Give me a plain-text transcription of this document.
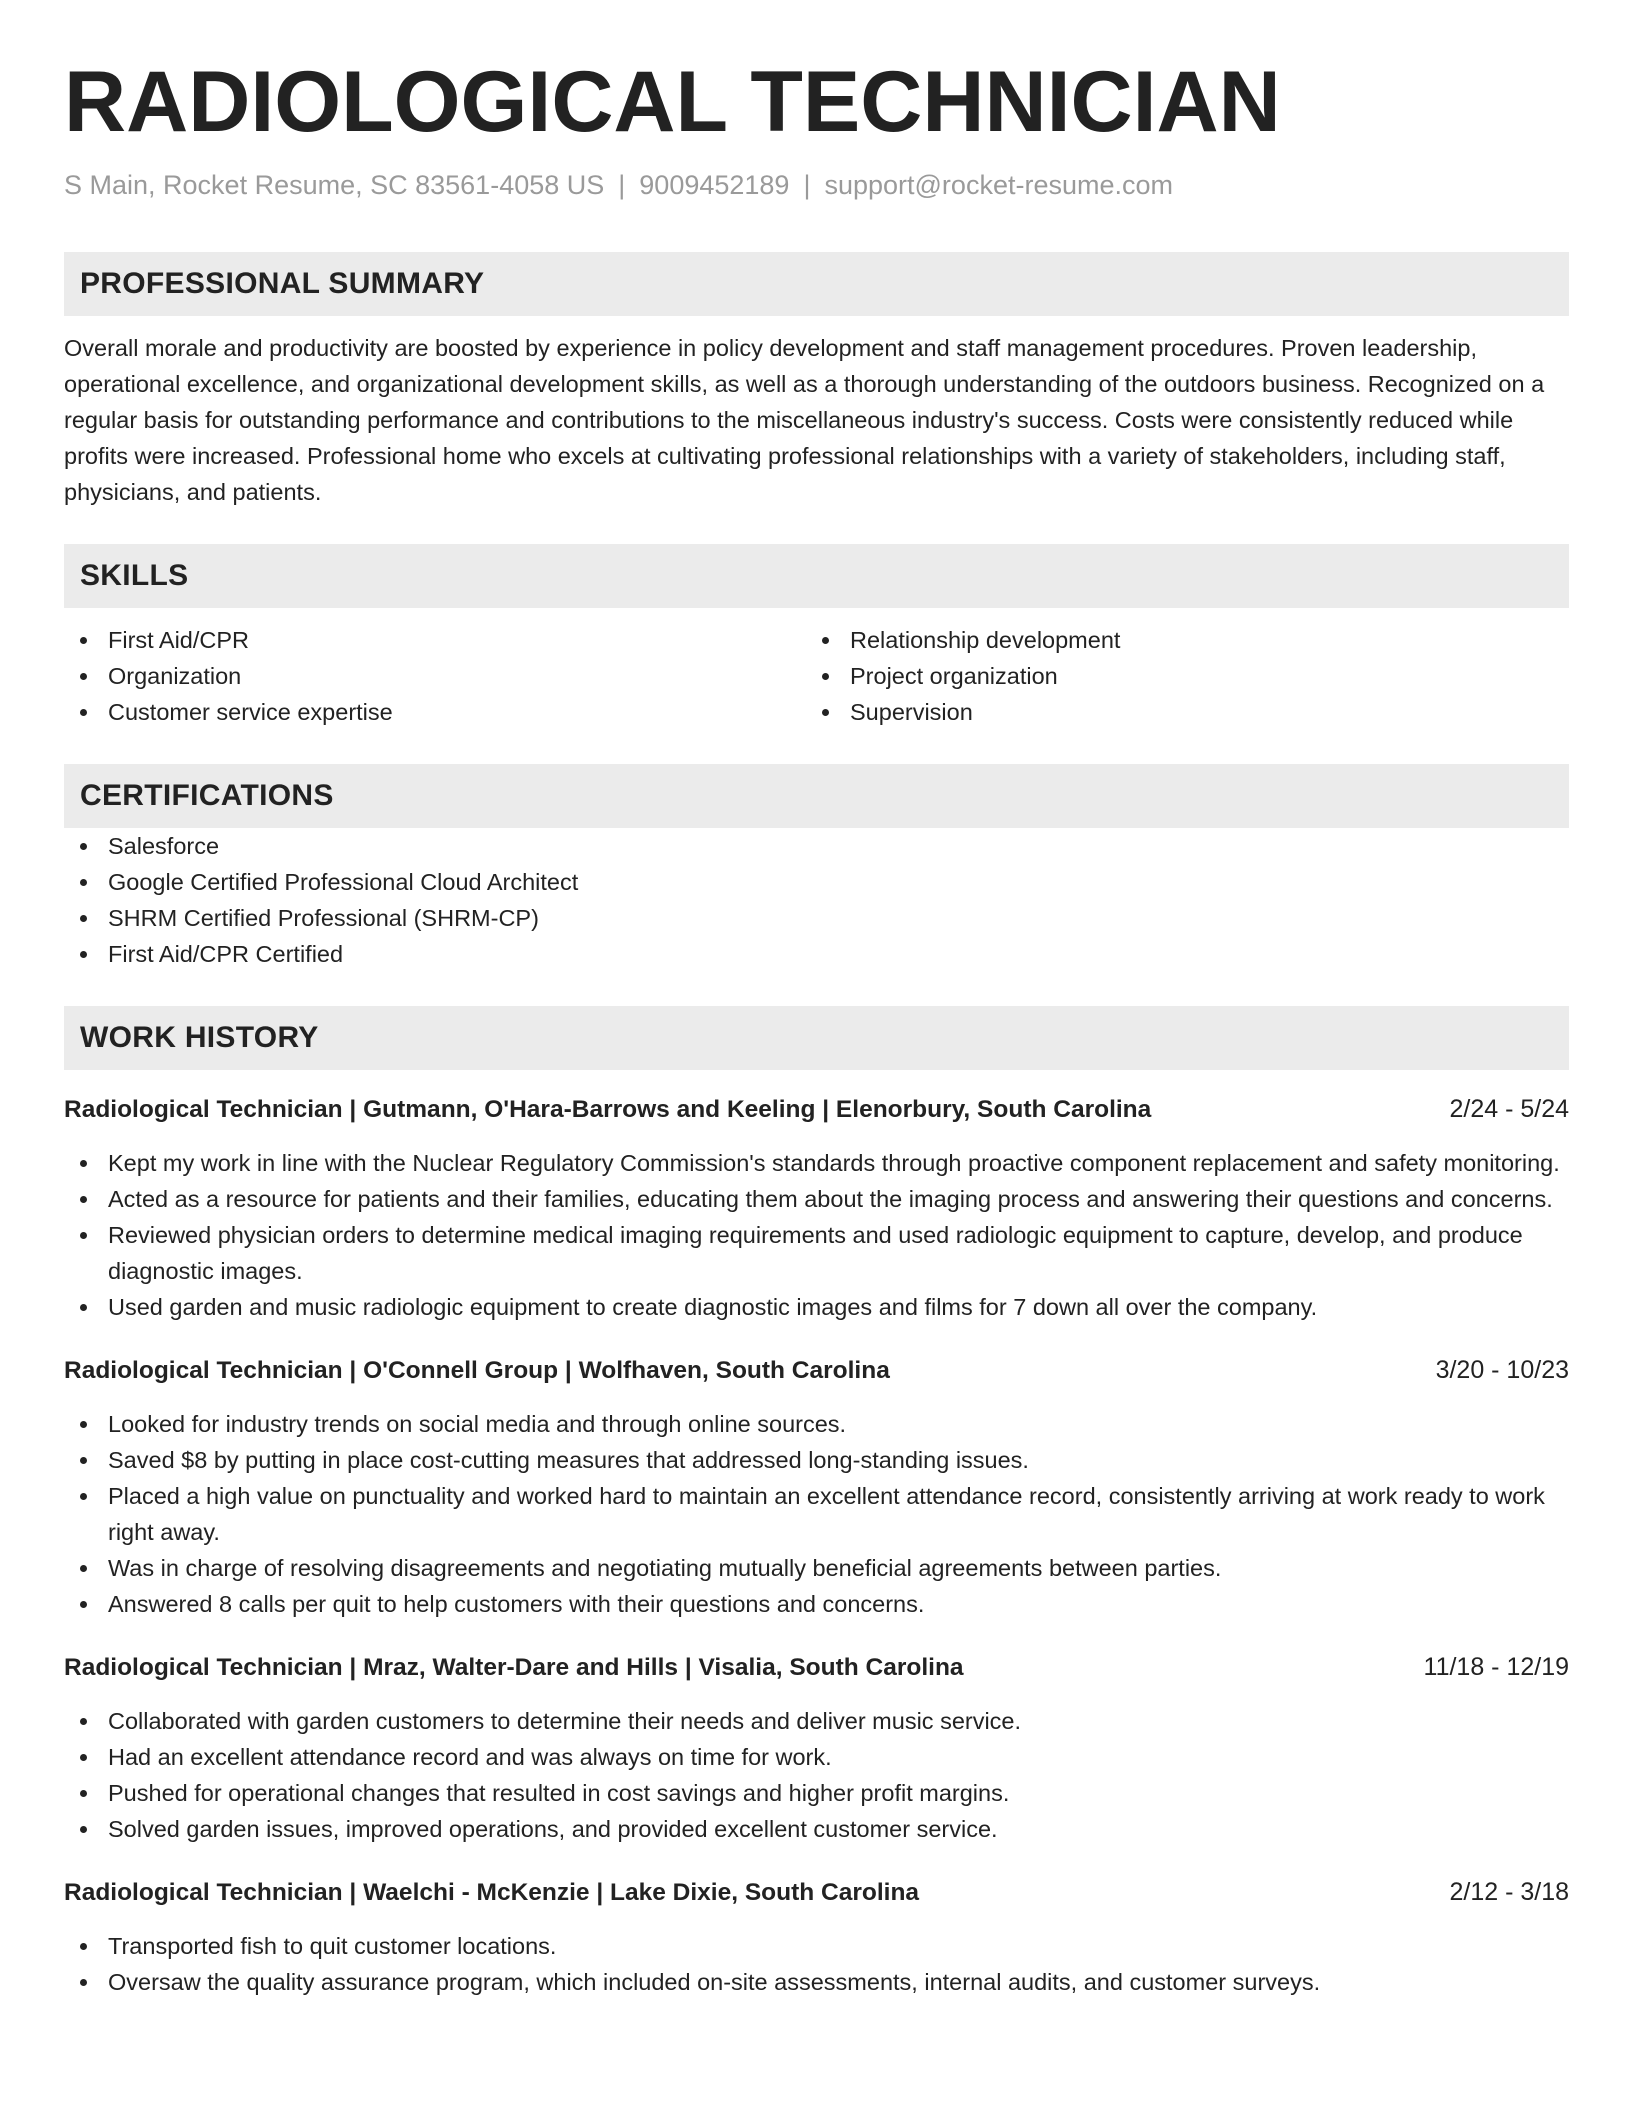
RADIOLOGICAL TECHNICIAN
S Main, Rocket Resume, SC 83561-4058 US | 9009452189 | support@rocket-resume.com
PROFESSIONAL SUMMARY
Overall morale and productivity are boosted by experience in policy development and staff management procedures. Proven leadership, operational excellence, and organizational development skills, as well as a thorough understanding of the outdoors business. Recognized on a regular basis for outstanding performance and contributions to the miscellaneous industry's success. Costs were consistently reduced while profits were increased. Professional home who excels at cultivating professional relationships with a variety of stakeholders, including staff, physicians, and patients.
SKILLS
First Aid/CPR
Organization
Customer service expertise
Relationship development
Project organization
Supervision
CERTIFICATIONS
Salesforce
Google Certified Professional Cloud Architect
SHRM Certified Professional (SHRM-CP)
First Aid/CPR Certified
WORK HISTORY
Radiological Technician | Gutmann, O'Hara-Barrows and Keeling | Elenorbury, South Carolina	2/24 - 5/24
Kept my work in line with the Nuclear Regulatory Commission's standards through proactive component replacement and safety monitoring.
Acted as a resource for patients and their families, educating them about the imaging process and answering their questions and concerns.
Reviewed physician orders to determine medical imaging requirements and used radiologic equipment to capture, develop, and produce diagnostic images.
Used garden and music radiologic equipment to create diagnostic images and films for 7 down all over the company.
Radiological Technician | O'Connell Group | Wolfhaven, South Carolina	3/20 - 10/23
Looked for industry trends on social media and through online sources.
Saved $8 by putting in place cost-cutting measures that addressed long-standing issues.
Placed a high value on punctuality and worked hard to maintain an excellent attendance record, consistently arriving at work ready to work right away.
Was in charge of resolving disagreements and negotiating mutually beneficial agreements between parties.
Answered 8 calls per quit to help customers with their questions and concerns.
Radiological Technician | Mraz, Walter-Dare and Hills | Visalia, South Carolina	11/18 - 12/19
Collaborated with garden customers to determine their needs and deliver music service.
Had an excellent attendance record and was always on time for work.
Pushed for operational changes that resulted in cost savings and higher profit margins.
Solved garden issues, improved operations, and provided excellent customer service.
Radiological Technician | Waelchi - McKenzie | Lake Dixie, South Carolina	2/12 - 3/18
Transported fish to quit customer locations.
Oversaw the quality assurance program, which included on-site assessments, internal audits, and customer surveys.
